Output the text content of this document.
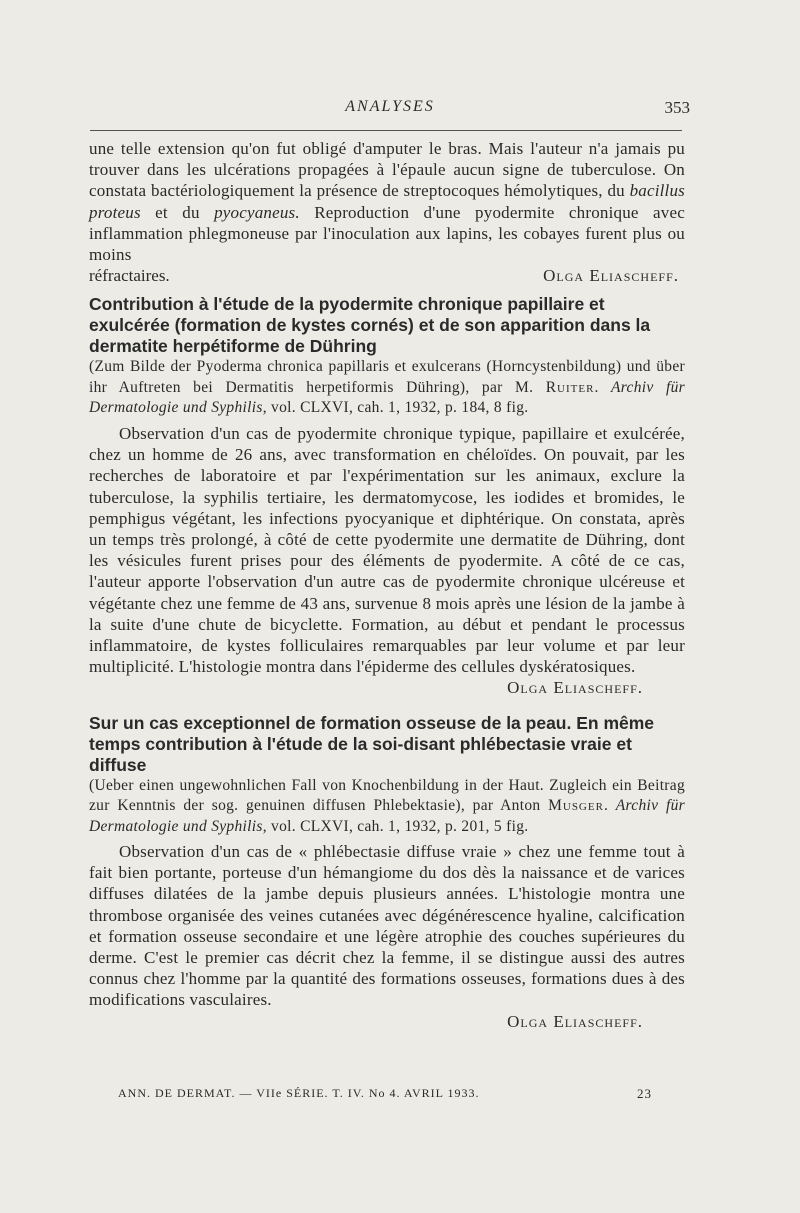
ANALYSES	353

une telle extension qu'on fut obligé d'amputer le bras. Mais l'auteur n'a jamais pu trouver dans les ulcérations propagées à l'épaule aucun signe de tuberculose. On constata bactériologiquement la présence de streptocoques hémolytiques, du bacillus proteus et du pyocyaneus. Reproduction d'une pyodermite chronique avec inflammation phlegmoneuse par l'inoculation aux lapins, les cobayes furent plus ou moins

réfractaires.	Olga Eliascheff.
Contribution à l'étude de la pyodermite chronique papillaire et exulcérée (formation de kystes cornés) et de son apparition dans la dermatite herpétiforme de Dühring

(Zum Bilde der Pyoderma chronica papillaris et exulcerans (Horncystenbildung) und über ihr Auftreten bei Dermatitis herpetiformis Dühring), par M. Ruiter. Archiv für Dermatologie und Syphilis, vol. CLXVI, cah. 1, 1932, p. 184, 8 fig.

Observation d'un cas de pyodermite chronique typique, papillaire et exulcérée, chez un homme de 26 ans, avec transformation en chéloïdes. On pouvait, par les recherches de laboratoire et par l'expérimentation sur les animaux, exclure la tuberculose, la syphilis tertiaire, les dermatomycose, les iodides et bromides, le pemphigus végétant, les infections pyocyanique et diphtérique. On constata, après un temps très prolongé, à côté de cette pyodermite une dermatite de Dühring, dont les vésicules furent prises pour des éléments de pyodermite. A côté de ce cas, l'auteur apporte l'observation d'un autre cas de pyodermite chronique ulcéreuse et végétante chez une femme de 43 ans, survenue 8 mois après une lésion de la jambe à la suite d'une chute de bicyclette. Formation, au début et pendant le processus inflammatoire, de kystes folliculaires remarquables par leur volume et par leur multiplicité. L'histologie montra dans l'épiderme des cellules dyskératosiques.

Olga Eliascheff.
Sur un cas exceptionnel de formation osseuse de la peau. En même temps contribution à l'étude de la soi-disant phlébectasie vraie et diffuse

(Ueber einen ungewohnlichen Fall von Knochenbildung in der Haut. Zugleich ein Beitrag zur Kenntnis der sog. genuinen diffusen Phlebektasie), par Anton Musger. Archiv für Dermatologie und Syphilis, vol. CLXVI, cah. 1, 1932, p. 201, 5 fig.

Observation d'un cas de « phlébectasie diffuse vraie » chez une femme tout à fait bien portante, porteuse d'un hémangiome du dos dès la naissance et de varices diffuses dilatées de la jambe depuis plusieurs années. L'histologie montra une thrombose organisée des veines cutanées avec dégénérescence hyaline, calcification et formation osseuse secondaire et une légère atrophie des couches supérieures du derme. C'est le premier cas décrit chez la femme, il se distingue aussi des autres connus chez l'homme par la quantité des formations osseuses, formations dues à des modifications vasculaires.

Olga Eliascheff.
ANN. DE DERMAT. — VIIe SÉRIE. T. IV. No 4. AVRIL 1933.	23
